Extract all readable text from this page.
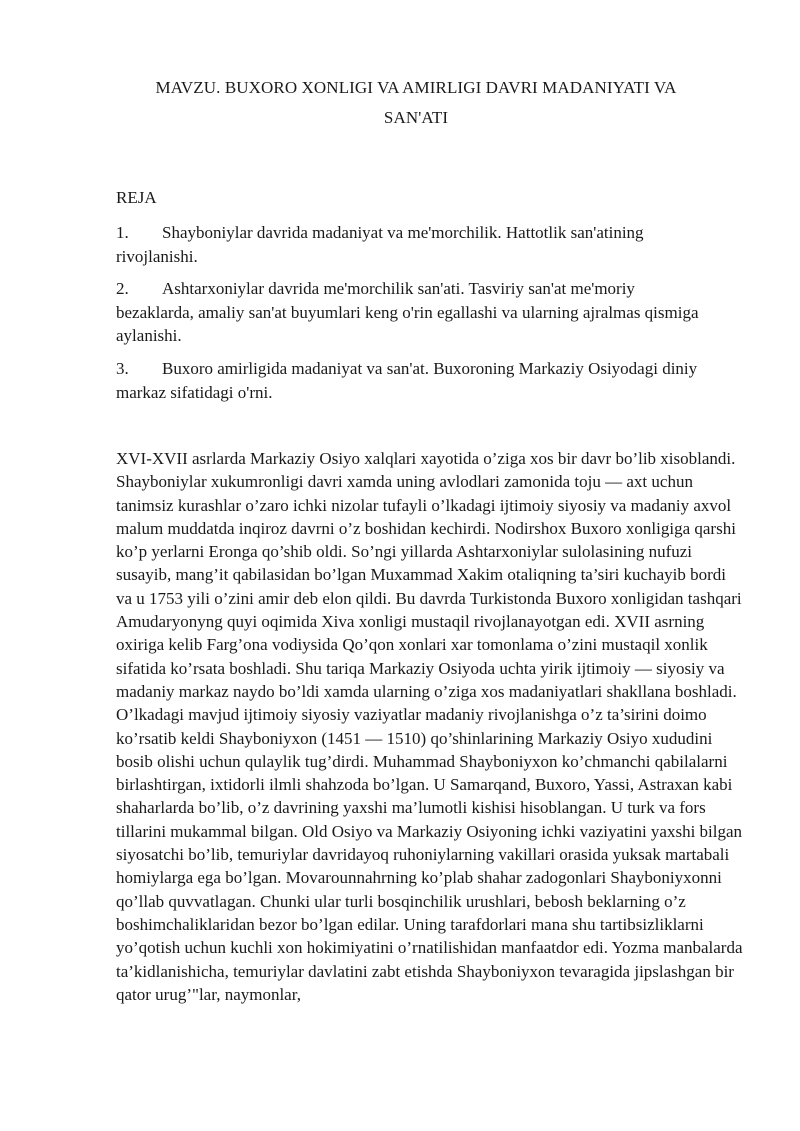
MAVZU. BUXORO XONLIGI VA AMIRLIGI DAVRI MADANIYATI VA
SAN'ATI
REJA
1. Shayboniylar davrida madaniyat va me'morchilik. Hattotlik san'atining rivojlanishi.
2. Ashtarxoniylar davrida me'morchilik san'ati. Tasviriy san'at me'moriy bezaklarda, amaliy san'at buyumlari keng o'rin egallashi va ularning ajralmas qismiga aylanishi.
3. Buxoro amirligida madaniyat va san'at. Buxoroning Markaziy Osiyodagi diniy markaz sifatidagi o'rni.

XVI-XVII asrlarda Markaziy Osiyo xalqlari xayotida o’ziga xos bir davr bo’lib xisoblandi. Shayboniylar xukumronligi davri xamda uning avlodlari zamonida toju — axt uchun tanimsiz kurashlar o’zaro ichki nizolar tufayli o’lkadagi ijtimoiy siyosiy va madaniy axvol malum muddatda inqiroz davrni o’z boshidan kechirdi. Nodirshox Buxoro xonligiga qarshi ko’p yerlarni Eronga qo’shib oldi. So’ngi yillarda Ashtarxoniylar sulolasining nufuzi susayib, mang’it qabilasidan bo’lgan Muxammad Xakim otaliqning ta’siri kuchayib bordi va u 1753 yili o’zini amir deb elon qildi. Bu davrda Turkistonda Buxoro xonligidan tashqari Amudaryonyng quyi oqimida Xiva xonligi mustaqil rivojlanayotgan edi. XVII asrning oxiriga kelib Farg’ona vodiysida Qo’qon xonlari xar tomonlama o’zini mustaqil xonlik sifatida ko’rsata boshladi. Shu tariqa Markaziy Osiyoda uchta yirik ijtimoiy — siyosiy va madaniy markaz naydo bo’ldi xamda ularning o’ziga xos madaniyatlari shakllana boshladi. O’lkadagi mavjud ijtimoiy siyosiy vaziyatlar madaniy rivojlanishga o’z ta’sirini doimo ko’rsatib keldi Shayboniyxon (1451 — 1510) qo’shinlarining Markaziy Osiyo xududini bosib olishi uchun qulaylik tug’dirdi. Muhammad Shayboniyxon ko’chmanchi qabilalarni birlashtirgan, ixtidorli ilmli shahzoda bo’lgan. U Samarqand, Buxoro, Yassi, Astraxan kabi shaharlarda bo’lib, o’z davrining yaxshi ma’lumotli kishisi hisoblangan. U turk va fors tillarini mukammal bilgan. Old Osiyo va Markaziy Osiyoning ichki vaziyatini yaxshi bilgan siyosatchi bo’lib, temuriylar davridayoq ruhoniylarning vakillari orasida yuksak martabali homiylarga ega bo’lgan. Movarounnahrning ko’plab shahar zadogonlari Shayboniyxonni qo’llab quvvatlagan. Chunki ular turli bosqinchilik urushlari, bebosh beklarning o’z boshimchaliklaridan bezor bo’lgan edilar. Uning tarafdorlari mana shu tartibsizliklarni yo’qotish uchun kuchli xon hokimiyatini o’rnatilishidan manfaatdor edi. Yozma manbalarda ta’kidlanishicha, temuriylar davlatini zabt etishda Shayboniyxon tevaragida jipslashgan bir qator urug’"lar, naymonlar,
